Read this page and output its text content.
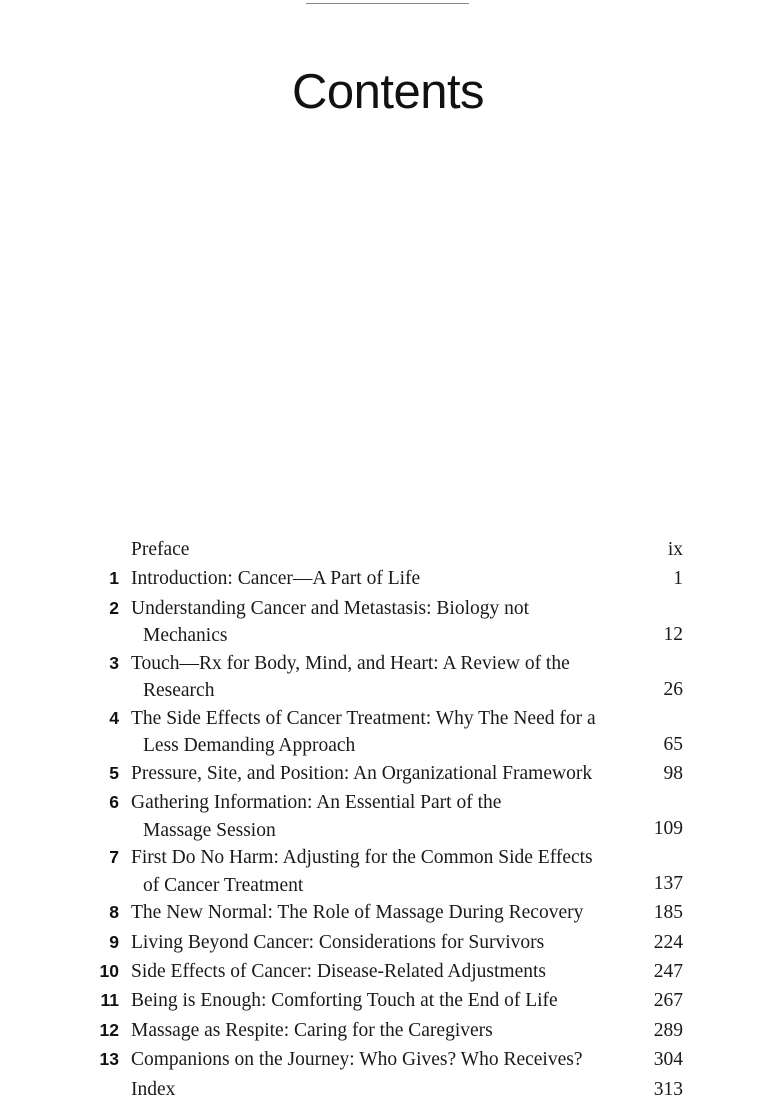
Contents
Preface	ix
1 Introduction: Cancer—A Part of Life	1
2 Understanding Cancer and Metastasis: Biology not
Mechanics	12
3 Touch—Rx for Body, Mind, and Heart: A Review of the
Research	26
4 The Side Effects of Cancer Treatment: Why The Need for a
Less Demanding Approach	65
5 Pressure, Site, and Position: An Organizational Framework	98
6 Gathering Information: An Essential Part of the
Massage Session	109
7 First Do No Harm: Adjusting for the Common Side Effects
of Cancer Treatment	137
8 The New Normal: The Role of Massage During Recovery	185
9 Living Beyond Cancer: Considerations for Survivors	224
10 Side Effects of Cancer: Disease-Related Adjustments	247
11 Being is Enough: Comforting Touch at the End of Life	267
12 Massage as Respite: Caring for the Caregivers	289
13 Companions on the Journey: Who Gives? Who Receives?	304
Index	313
